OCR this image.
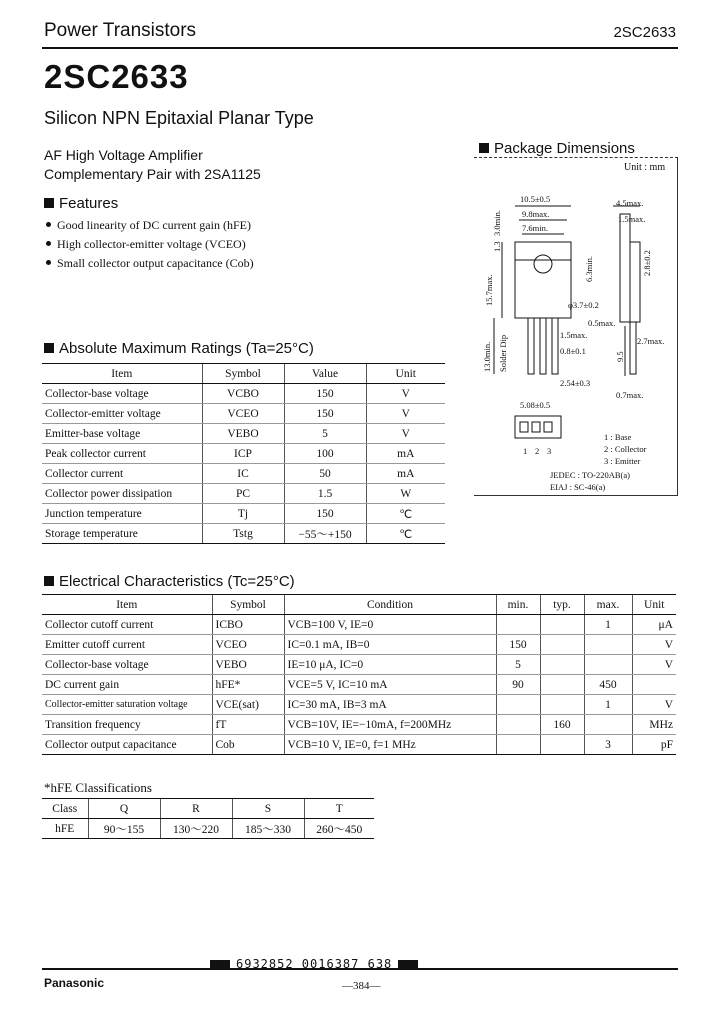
Power Transistors	2SC2633
2SC2633
Silicon NPN Epitaxial Planar Type
AF High Voltage Amplifier
Complementary Pair with 2SA1125
Features
Good linearity of DC current gain (hFE)
High collector-emitter voltage (VCEO)
Small collector output capacitance (Cob)
Absolute Maximum Ratings (Ta=25°C)
Item	Symbol	Value	Unit
Collector-base voltage	VCBO	150	V
Collector-emitter voltage	VCEO	150	V
Emitter-base voltage	VEBO	5	V
Peak collector current	ICP	100	mA
Collector current	IC	50	mA
Collector power dissipation	PC	1.5	W
Junction temperature	Tj	150	℃
Storage temperature	Tstg	−55～+150	℃
Package Dimensions
Unit : mm
10.5±0.5
9.8max.
7.6min.
3.0min.
15.7max.
13.0min. Solder Dip
φ3.7±0.2
1.5max.
0.8±0.1
2.54±0.3
5.08±0.5
4.5max.
1.5max.
2.8±0.2
0.5max.
2.7max.
9.5
0.7max.
6.3min.
1.3
1 2 3
1 : Base
2 : Collector
3 : Emitter
JEDEC : TO-220AB(a)
EIAJ : SC-46(a)
Electrical Characteristics (Tc=25°C)
Item	Symbol	Condition	min.	typ.	max.	Unit
Collector cutoff current	ICBO	VCB=100 V, IE=0			1	μA
Emitter cutoff current	VCEO	IC=0.1 mA, IB=0	150			V
Collector-base voltage	VEBO	IE=10 μA, IC=0	5			V
DC current gain	hFE*	VCE=5 V, IC=10 mA	90		450	
Collector-emitter saturation voltage	VCE(sat)	IC=30 mA, IB=3 mA			1	V
Transition frequency	fT	VCB=10V, IE=−10mA, f=200MHz		160		MHz
Collector output capacitance	Cob	VCB=10 V, IE=0, f=1 MHz			3	pF
*hFE Classifications
Class	Q	R	S	T
hFE	90～155	130～220	185～330	260～450
6932852 0016387 638
Panasonic	—384—
